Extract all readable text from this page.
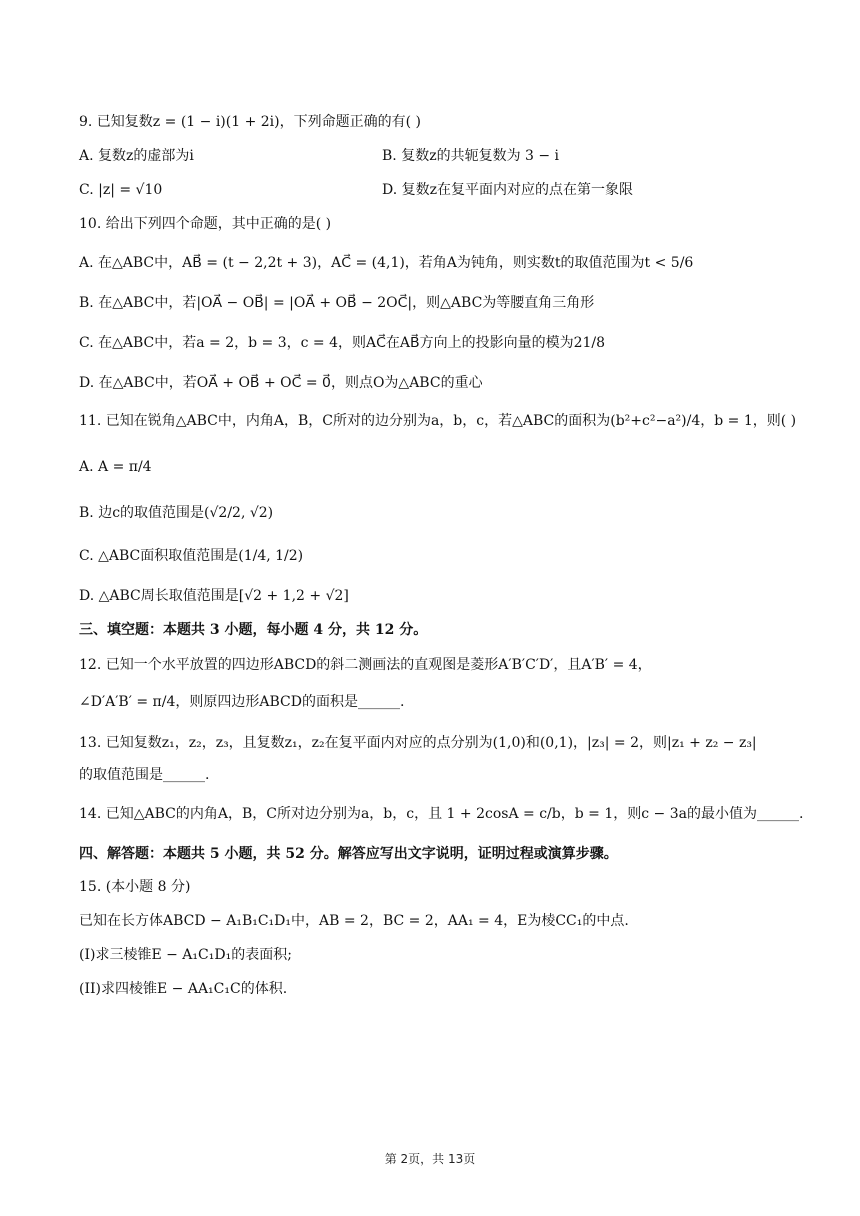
9. 已知复数z = (1 − i)(1 + 2i)，下列命题正确的有( )
A. 复数z的虚部为i	B. 复数z的共轭复数为 3 − i
C. |z| = √10	D. 复数z在复平面内对应的点在第一象限
10. 给出下列四个命题，其中正确的是( )
A. 在△ABC中，AB⃗ = (t − 2,2t + 3)，AC⃗ = (4,1)，若角A为钝角，则实数t的取值范围为t < 5/6
B. 在△ABC中，若|OA⃗ − OB⃗| = |OA⃗ + OB⃗ − 2OC⃗|，则△ABC为等腰直角三角形
C. 在△ABC中，若a = 2，b = 3，c = 4，则AC⃗在AB⃗方向上的投影向量的模为21/8
D. 在△ABC中，若OA⃗ + OB⃗ + OC⃗ = 0⃗，则点O为△ABC的重心
11. 已知在锐角△ABC中，内角A，B，C所对的边分别为a，b，c，若△ABC的面积为(b²+c²−a²)/4，b = 1，则( )
A. A = π/4
B. 边c的取值范围是(√2/2, √2)
C. △ABC面积取值范围是(1/4, 1/2)
D. △ABC周长取值范围是[√2 + 1,2 + √2]
三、填空题：本题共 3 小题，每小题 4 分，共 12 分。
12. 已知一个水平放置的四边形ABCD的斜二测画法的直观图是菱形A′B′C′D′，且A′B′ = 4，
∠D′A′B′ = π/4，则原四边形ABCD的面积是______.
13. 已知复数z₁，z₂，z₃，且复数z₁，z₂在复平面内对应的点分别为(1,0)和(0,1)，|z₃| = 2，则|z₁ + z₂ − z₃|
的取值范围是______.
14. 已知△ABC的内角A，B，C所对边分别为a，b，c，且 1 + 2cosA = c/b，b = 1，则c − 3a的最小值为______.
四、解答题：本题共 5 小题，共 52 分。解答应写出文字说明，证明过程或演算步骤。
15. (本小题 8 分)
已知在长方体ABCD − A₁B₁C₁D₁中，AB = 2，BC = 2，AA₁ = 4，E为棱CC₁的中点.
(I)求三棱锥E − A₁C₁D₁的表面积;
(II)求四棱锥E − AA₁C₁C的体积.
第 2页，共 13页
